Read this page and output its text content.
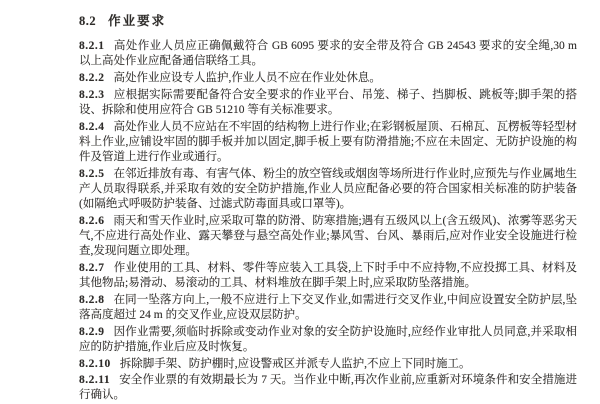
8.2 作业要求

8.2.1 高处作业人员应正确佩戴符合 GB 6095 要求的安全带及符合 GB 24543 要求的安全绳,30 m 以上高处作业应配备通信联络工具。

8.2.2 高处作业应设专人监护,作业人员不应在作业处休息。

8.2.3 应根据实际需要配备符合安全要求的作业平台、吊笼、梯子、挡脚板、跳板等;脚手架的搭设、拆除和使用应符合 GB 51210 等有关标准要求。

8.2.4 高处作业人员不应站在不牢固的结构物上进行作业;在彩钢板屋顶、石棉瓦、瓦楞板等轻型材料上作业,应铺设牢固的脚手板并加以固定,脚手板上要有防滑措施;不应在未固定、无防护设施的构件及管道上进行作业或通行。

8.2.5 在邻近排放有毒、有害气体、粉尘的放空管线或烟囱等场所进行作业时,应预先与作业属地生产人员取得联系,并采取有效的安全防护措施,作业人员应配备必要的符合国家相关标准的防护装备(如隔绝式呼吸防护装备、过滤式防毒面具或口罩等)。

8.2.6 雨天和雪天作业时,应采取可靠的防滑、防寒措施;遇有五级风以上(含五级风)、浓雾等恶劣天气,不应进行高处作业、露天攀登与悬空高处作业;暴风雪、台风、暴雨后,应对作业安全设施进行检查,发现问题立即处理。

8.2.7 作业使用的工具、材料、零件等应装入工具袋,上下时手中不应持物,不应投掷工具、材料及其他物品;易滑动、易滚动的工具、材料堆放在脚手架上时,应采取防坠落措施。

8.2.8 在同一坠落方向上,一般不应进行上下交叉作业,如需进行交叉作业,中间应设置安全防护层,坠落高度超过 24 m 的交叉作业,应设双层防护。

8.2.9 因作业需要,须临时拆除或变动作业对象的安全防护设施时,应经作业审批人员同意,并采取相应的防护措施,作业后应及时恢复。

8.2.10 拆除脚手架、防护棚时,应设警戒区并派专人监护,不应上下同时施工。

8.2.11 安全作业票的有效期最长为 7 天。当作业中断,再次作业前,应重新对环境条件和安全措施进行确认。
